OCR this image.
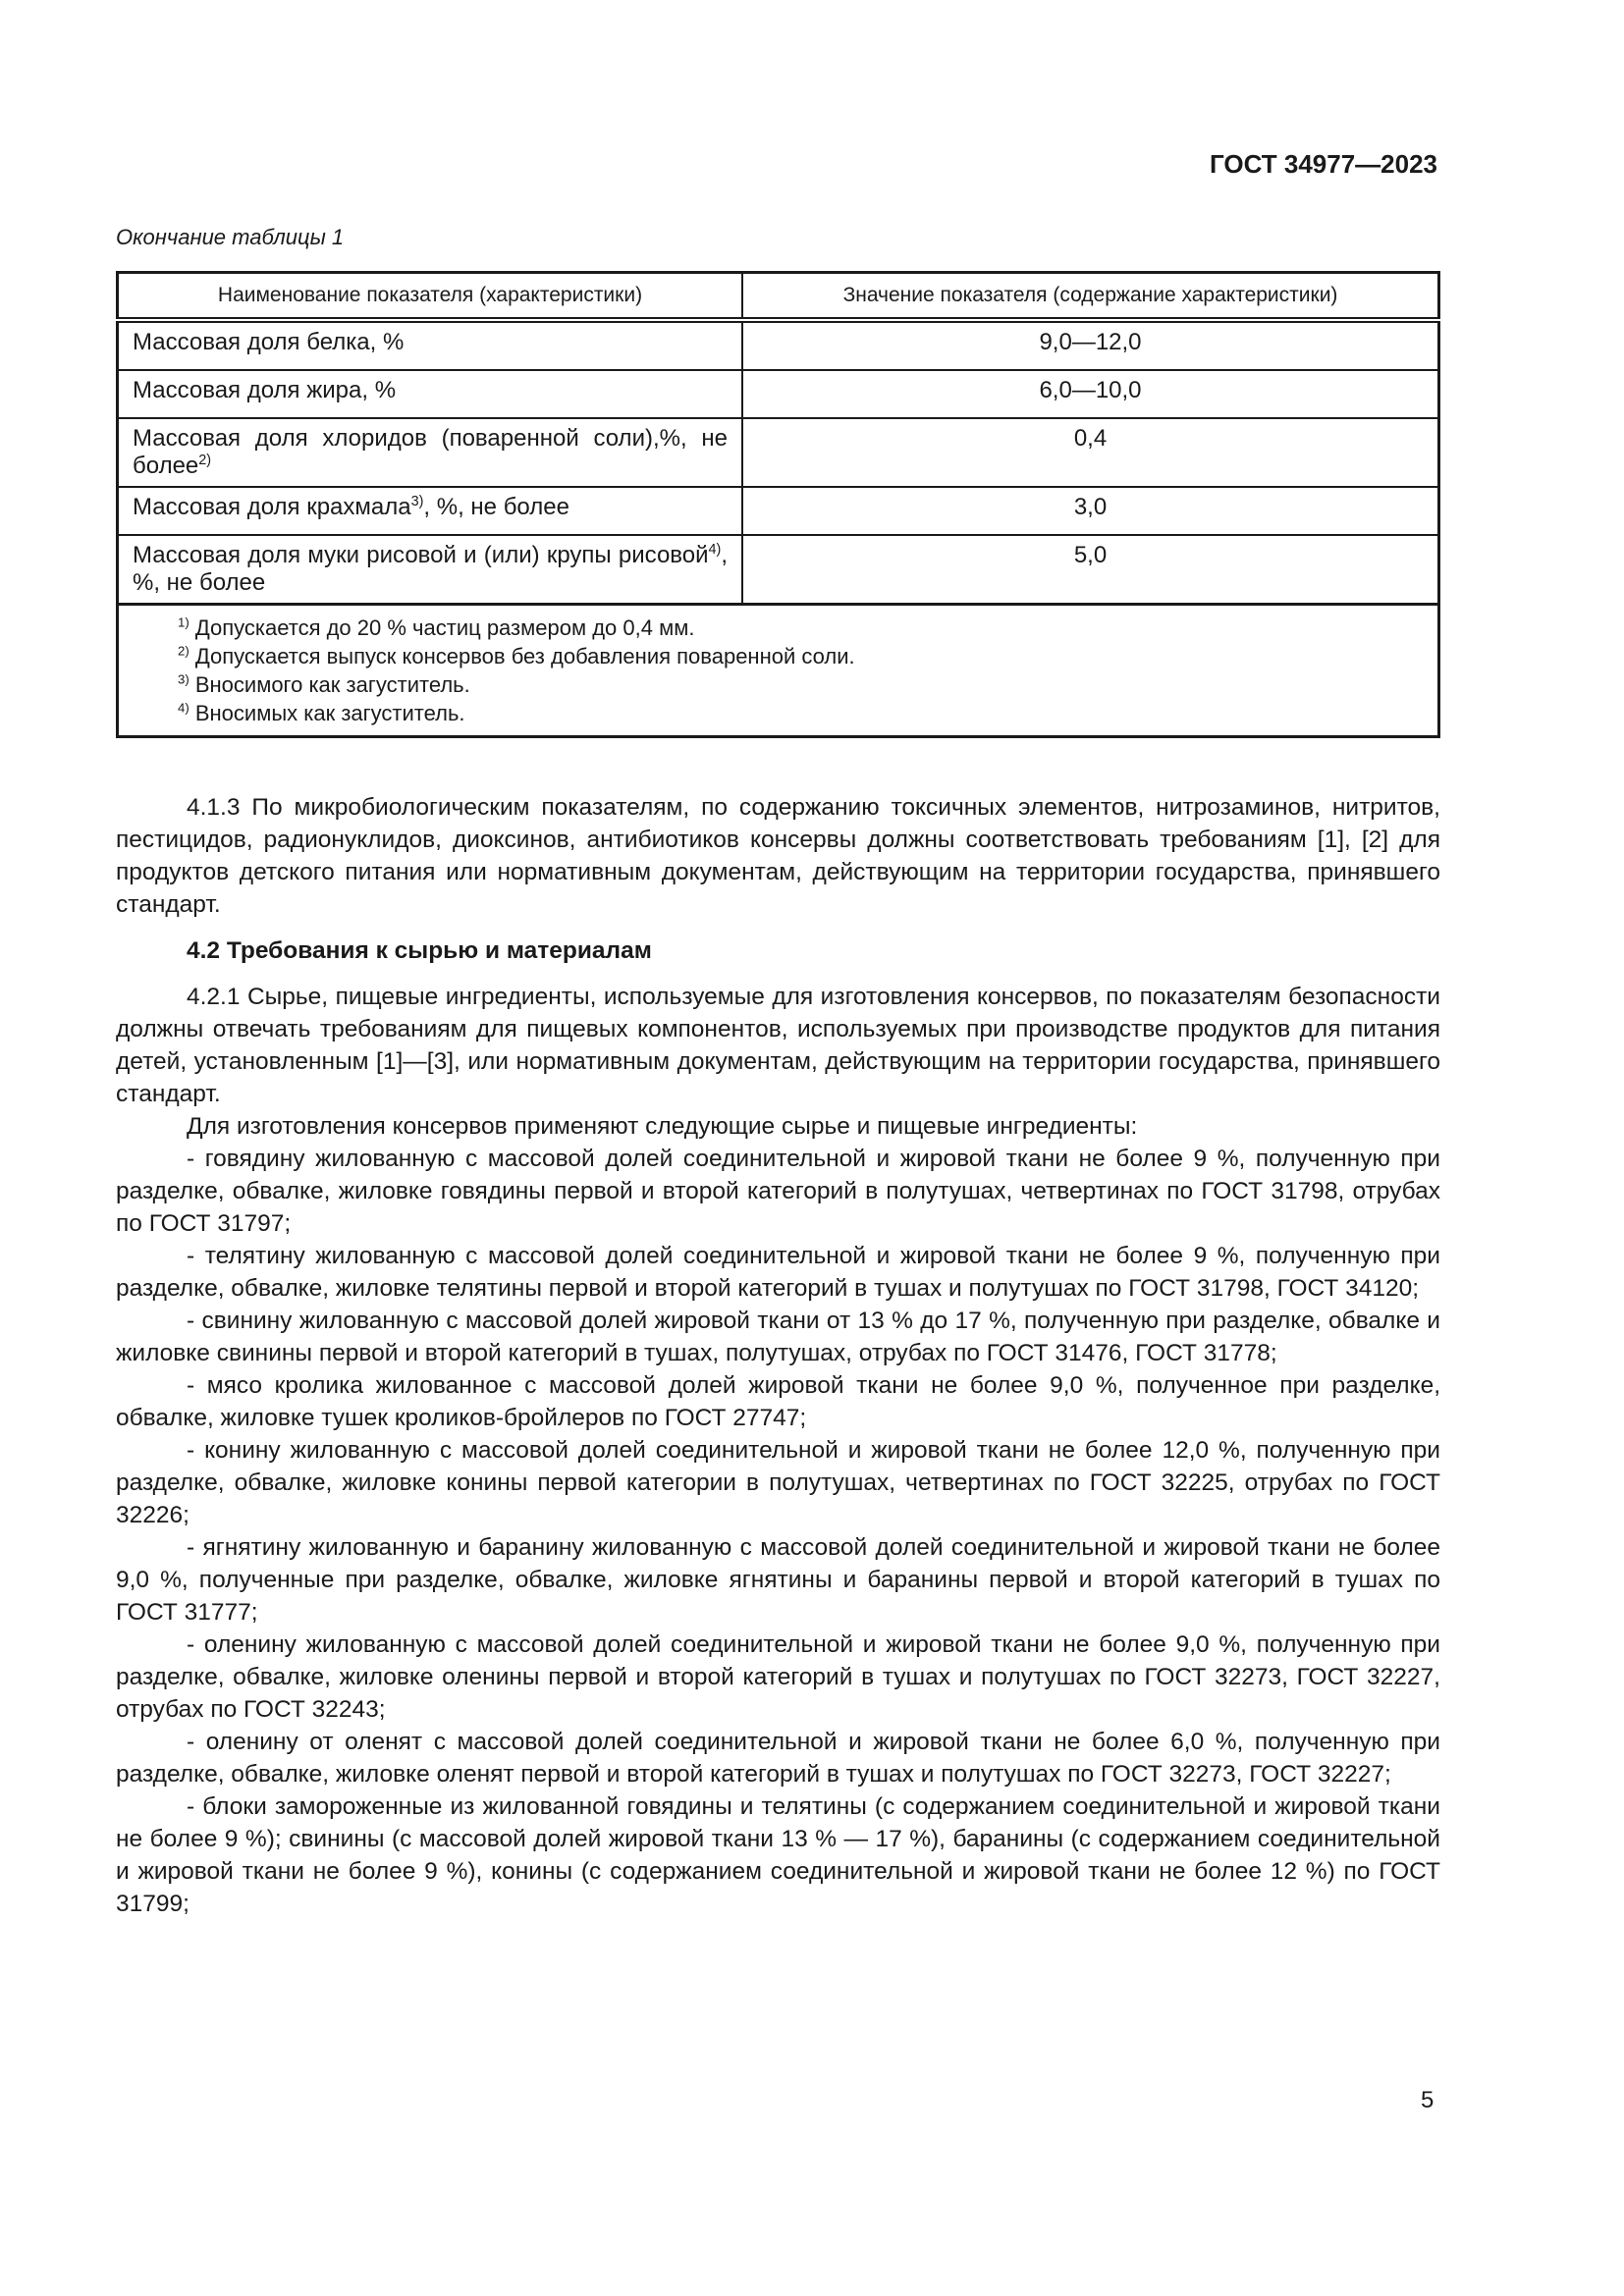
ГОСТ 34977—2023
Окончание таблицы 1
Наименование показателя (характеристики)	Значение показателя (содержание характеристики)
Массовая доля белка, %	9,0—12,0
Массовая доля жира, %	6,0—10,0
Массовая доля хлоридов (поваренной соли),%, не более$^{2)}$	0,4
Массовая доля крахмала$^{3)}$, %, не более	3,0
Массовая доля муки рисовой и (или) крупы рисовой$^{4)}$, %, не более	5,0

$^{1)}$ Допускается до 20 % частиц размером до 0,4 мм.
$^{2)}$ Допускается выпуск консервов без добавления поваренной соли.
$^{3)}$ Вносимого как загуститель.
$^{4)}$ Вносимых как загуститель.	

4.1.3 По микробиологическим показателям, по содержанию токсичных элементов, нитрозаминов, нитритов, пестицидов, радионуклидов, диоксинов, антибиотиков консервы должны соответствовать требованиям [1], [2] для продуктов детского питания или нормативным документам, действующим на территории государства, принявшего стандарт.

4.2 Требования к сырью и материалам

4.2.1 Сырье, пищевые ингредиенты, используемые для изготовления консервов, по показателям безопасности должны отвечать требованиям для пищевых компонентов, используемых при производстве продуктов для питания детей, установленным [1]—[3], или нормативным документам, действующим на территории государства, принявшего стандарт.

Для изготовления консервов применяют следующие сырье и пищевые ингредиенты:

- говядину жилованную с массовой долей соединительной и жировой ткани не более 9 %, полученную при разделке, обвалке, жиловке говядины первой и второй категорий в полутушах, четвертинах по ГОСТ 31798, отрубах по ГОСТ 31797;

- телятину жилованную с массовой долей соединительной и жировой ткани не более 9 %, полученную при разделке, обвалке, жиловке телятины первой и второй категорий в тушах и полутушах по ГОСТ 31798, ГОСТ 34120;

- свинину жилованную с массовой долей жировой ткани от 13 % до 17 %, полученную при разделке, обвалке и жиловке свинины первой и второй категорий в тушах, полутушах, отрубах по ГОСТ 31476, ГОСТ 31778;

- мясо кролика жилованное с массовой долей жировой ткани не более 9,0 %, полученное при разделке, обвалке, жиловке тушек кроликов-бройлеров по ГОСТ 27747;

- конину жилованную с массовой долей соединительной и жировой ткани не более 12,0 %, полученную при разделке, обвалке, жиловке конины первой категории в полутушах, четвертинах по ГОСТ 32225, отрубах по ГОСТ 32226;

- ягнятину жилованную и баранину жилованную с массовой долей соединительной и жировой ткани не более 9,0 %, полученные при разделке, обвалке, жиловке ягнятины и баранины первой и второй категорий в тушах по ГОСТ 31777;

- оленину жилованную с массовой долей соединительной и жировой ткани не более 9,0 %, полученную при разделке, обвалке, жиловке оленины первой и второй категорий в тушах и полутушах по ГОСТ 32273, ГОСТ 32227, отрубах по ГОСТ 32243;

- оленину от оленят с массовой долей соединительной и жировой ткани не более 6,0 %, полученную при разделке, обвалке, жиловке оленят первой и второй категорий в тушах и полутушах по ГОСТ 32273, ГОСТ 32227;

- блоки замороженные из жилованной говядины и телятины (с содержанием соединительной и жировой ткани не более 9 %); свинины (с массовой долей жировой ткани 13 % — 17 %), баранины (с содержанием соединительной и жировой ткани не более 9 %), конины (с содержанием соединительной и жировой ткани не более 12 %) по ГОСТ 31799;

5
